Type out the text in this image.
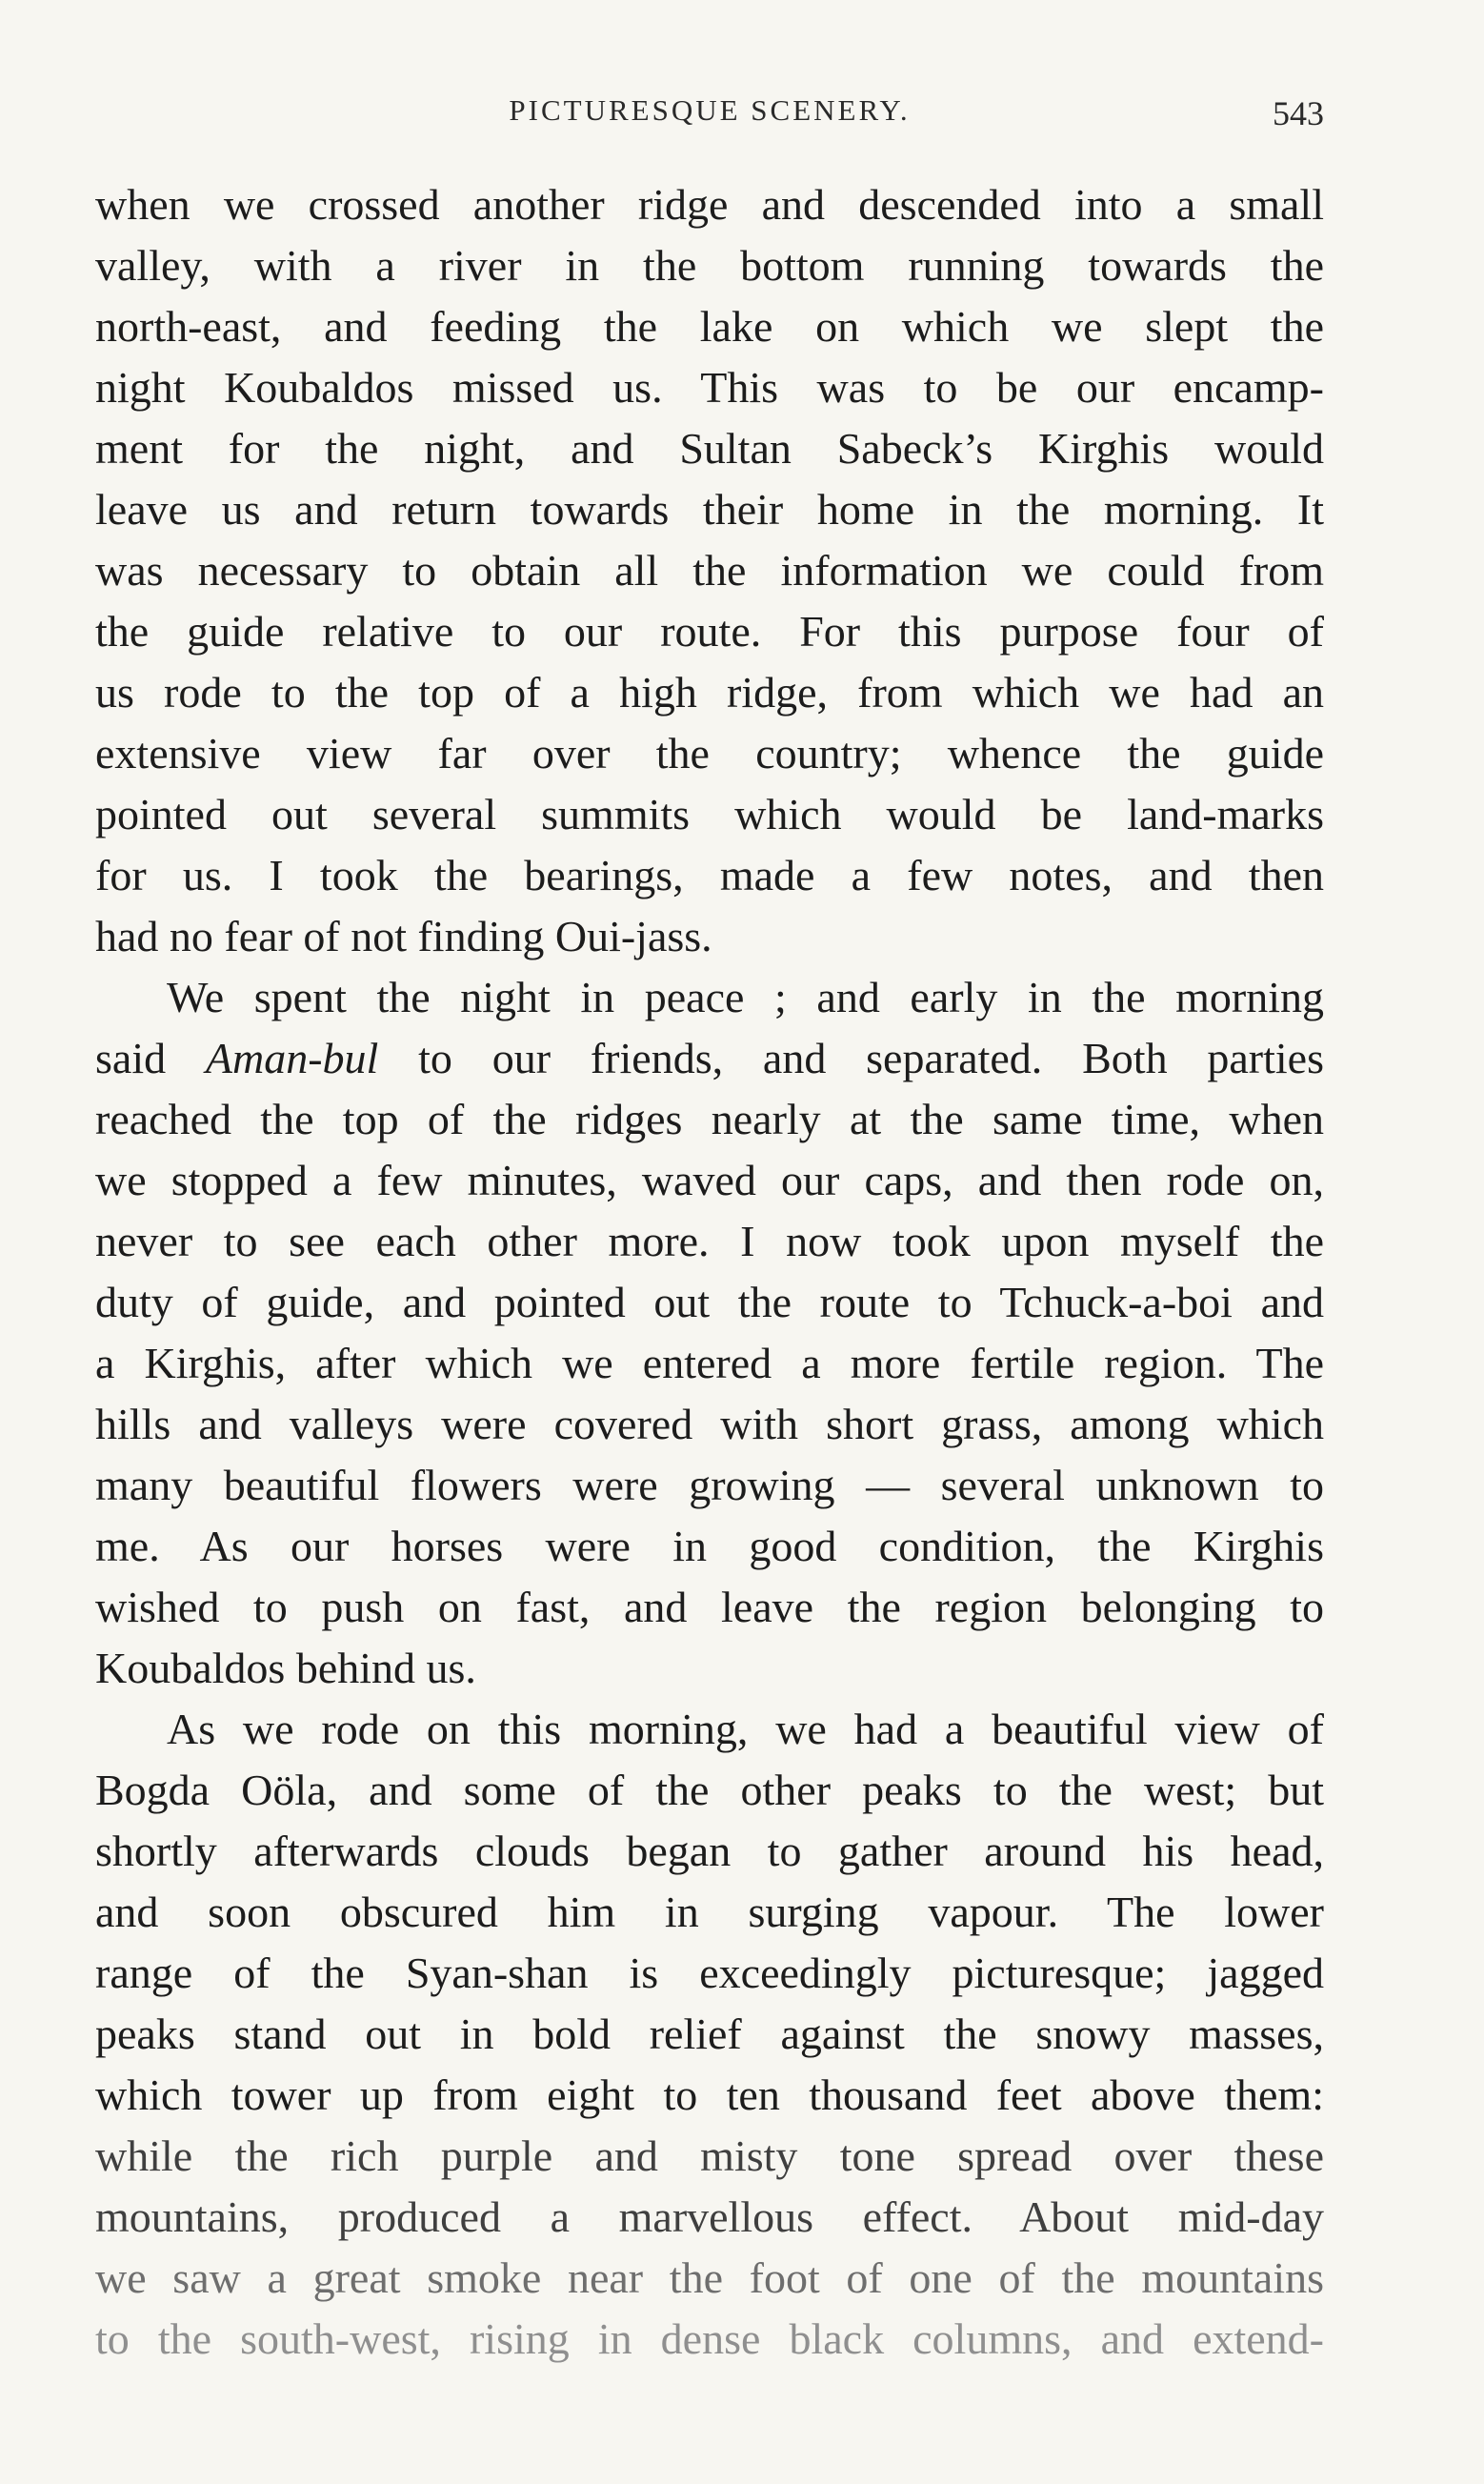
PICTURESQUE SCENERY.	543
when we crossed another ridge and descended into a small
valley, with a river in the bottom running towards the
north-east, and feeding the lake on which we slept the
night Koubaldos missed us. This was to be our encamp-
ment for the night, and Sultan Sabeck’s Kirghis would
leave us and return towards their home in the morning. It
was necessary to obtain all the information we could from
the guide relative to our route. For this purpose four of
us rode to the top of a high ridge, from which we had an
extensive view far over the country; whence the guide
pointed out several summits which would be land-marks
for us. I took the bearings, made a few notes, and then
had no fear of not finding Oui-jass.
We spent the night in peace ; and early in the morning
said Aman-bul to our friends, and separated. Both parties
reached the top of the ridges nearly at the same time, when
we stopped a few minutes, waved our caps, and then rode on,
never to see each other more. I now took upon myself the
duty of guide, and pointed out the route to Tchuck-a-boi and
a Kirghis, after which we entered a more fertile region. The
hills and valleys were covered with short grass, among which
many beautiful flowers were growing — several unknown to
me. As our horses were in good condition, the Kirghis
wished to push on fast, and leave the region belonging to
Koubaldos behind us.
As we rode on this morning, we had a beautiful view of
Bogda Oöla, and some of the other peaks to the west; but
shortly afterwards clouds began to gather around his head,
and soon obscured him in surging vapour. The lower
range of the Syan-shan is exceedingly picturesque; jagged
peaks stand out in bold relief against the snowy masses,
which tower up from eight to ten thousand feet above them:
while the rich purple and misty tone spread over these
mountains, produced a marvellous effect. About mid-day
we saw a great smoke near the foot of one of the mountains
to the south-west, rising in dense black columns, and extend-
